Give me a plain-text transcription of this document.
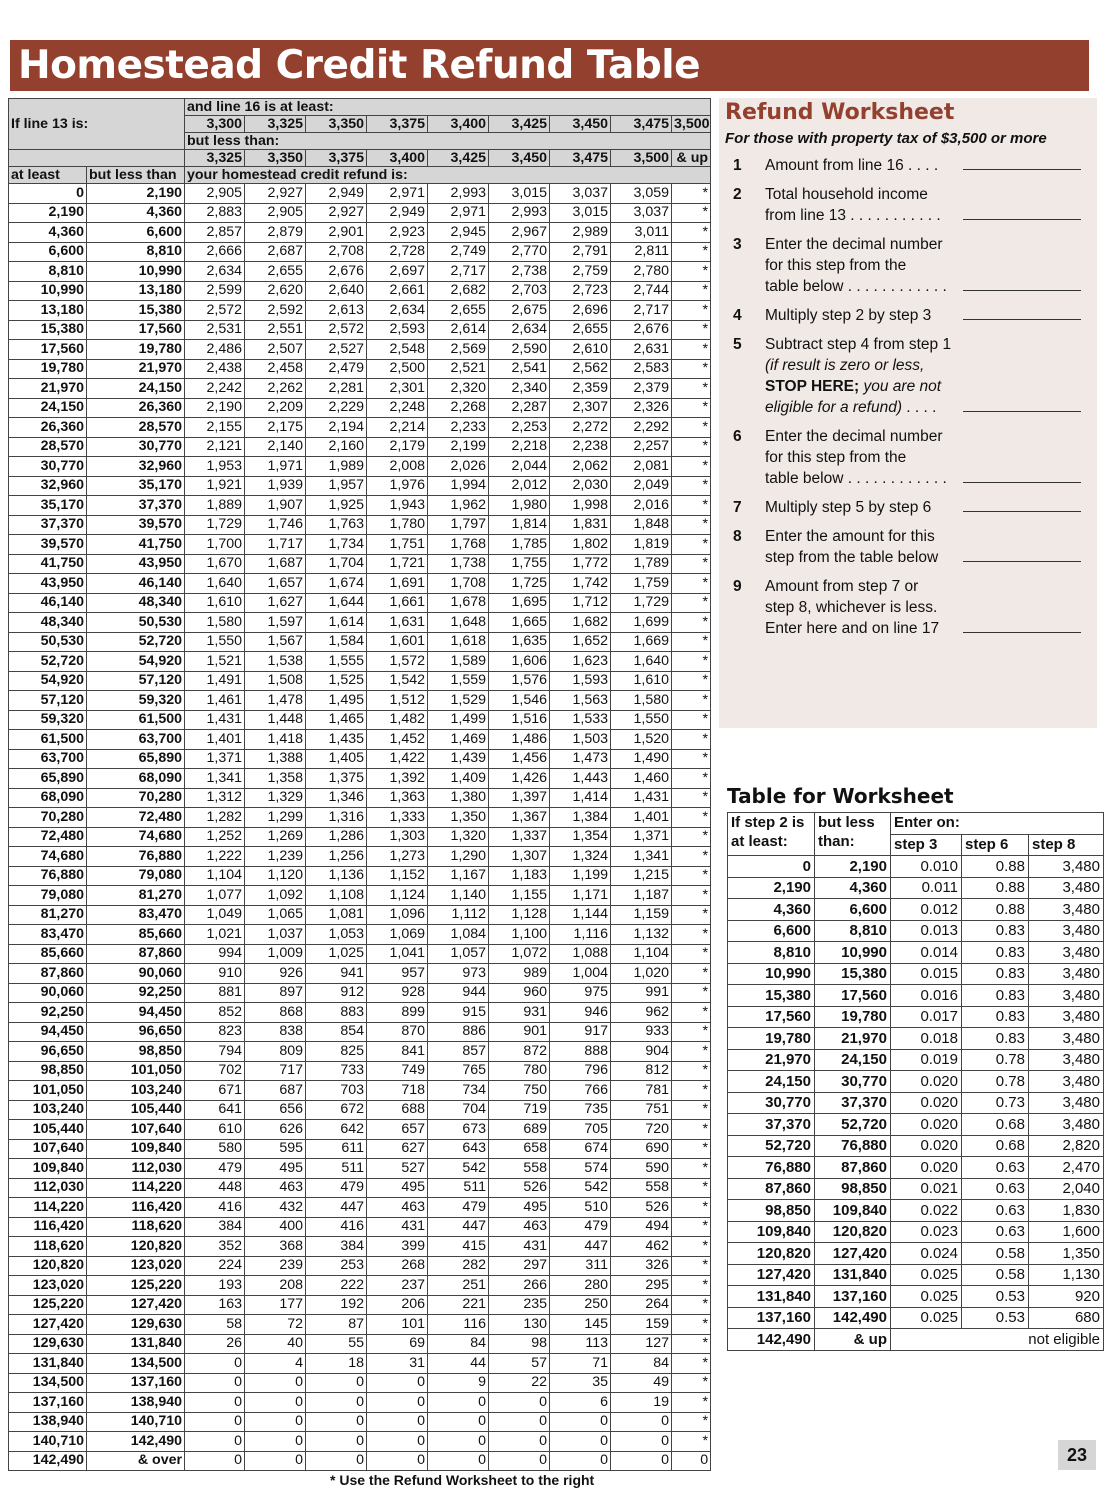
Homestead Credit Refund Table
If line 13 is:		and line 16 is at least:								
		3,300	3,325	3,350	3,375	3,400	3,425	3,450	3,475	3,500
		but less than:								
		3,325	3,350	3,375	3,400	3,425	3,450	3,475	3,500	& up
at least	but less than	your homestead credit refund is:								
0	2,190	2,905	2,927	2,949	2,971	2,993	3,015	3,037	3,059	*
2,190	4,360	2,883	2,905	2,927	2,949	2,971	2,993	3,015	3,037	*
4,360	6,600	2,857	2,879	2,901	2,923	2,945	2,967	2,989	3,011	*
6,600	8,810	2,666	2,687	2,708	2,728	2,749	2,770	2,791	2,811	*
8,810	10,990	2,634	2,655	2,676	2,697	2,717	2,738	2,759	2,780	*
10,990	13,180	2,599	2,620	2,640	2,661	2,682	2,703	2,723	2,744	*
13,180	15,380	2,572	2,592	2,613	2,634	2,655	2,675	2,696	2,717	*
15,380	17,560	2,531	2,551	2,572	2,593	2,614	2,634	2,655	2,676	*
17,560	19,780	2,486	2,507	2,527	2,548	2,569	2,590	2,610	2,631	*
19,780	21,970	2,438	2,458	2,479	2,500	2,521	2,541	2,562	2,583	*
21,970	24,150	2,242	2,262	2,281	2,301	2,320	2,340	2,359	2,379	*
24,150	26,360	2,190	2,209	2,229	2,248	2,268	2,287	2,307	2,326	*
26,360	28,570	2,155	2,175	2,194	2,214	2,233	2,253	2,272	2,292	*
28,570	30,770	2,121	2,140	2,160	2,179	2,199	2,218	2,238	2,257	*
30,770	32,960	1,953	1,971	1,989	2,008	2,026	2,044	2,062	2,081	*
32,960	35,170	1,921	1,939	1,957	1,976	1,994	2,012	2,030	2,049	*
35,170	37,370	1,889	1,907	1,925	1,943	1,962	1,980	1,998	2,016	*
37,370	39,570	1,729	1,746	1,763	1,780	1,797	1,814	1,831	1,848	*
39,570	41,750	1,700	1,717	1,734	1,751	1,768	1,785	1,802	1,819	*
41,750	43,950	1,670	1,687	1,704	1,721	1,738	1,755	1,772	1,789	*
43,950	46,140	1,640	1,657	1,674	1,691	1,708	1,725	1,742	1,759	*
46,140	48,340	1,610	1,627	1,644	1,661	1,678	1,695	1,712	1,729	*
48,340	50,530	1,580	1,597	1,614	1,631	1,648	1,665	1,682	1,699	*
50,530	52,720	1,550	1,567	1,584	1,601	1,618	1,635	1,652	1,669	*
52,720	54,920	1,521	1,538	1,555	1,572	1,589	1,606	1,623	1,640	*
54,920	57,120	1,491	1,508	1,525	1,542	1,559	1,576	1,593	1,610	*
57,120	59,320	1,461	1,478	1,495	1,512	1,529	1,546	1,563	1,580	*
59,320	61,500	1,431	1,448	1,465	1,482	1,499	1,516	1,533	1,550	*
61,500	63,700	1,401	1,418	1,435	1,452	1,469	1,486	1,503	1,520	*
63,700	65,890	1,371	1,388	1,405	1,422	1,439	1,456	1,473	1,490	*
65,890	68,090	1,341	1,358	1,375	1,392	1,409	1,426	1,443	1,460	*
68,090	70,280	1,312	1,329	1,346	1,363	1,380	1,397	1,414	1,431	*
70,280	72,480	1,282	1,299	1,316	1,333	1,350	1,367	1,384	1,401	*
72,480	74,680	1,252	1,269	1,286	1,303	1,320	1,337	1,354	1,371	*
74,680	76,880	1,222	1,239	1,256	1,273	1,290	1,307	1,324	1,341	*
76,880	79,080	1,104	1,120	1,136	1,152	1,167	1,183	1,199	1,215	*
79,080	81,270	1,077	1,092	1,108	1,124	1,140	1,155	1,171	1,187	*
81,270	83,470	1,049	1,065	1,081	1,096	1,112	1,128	1,144	1,159	*
83,470	85,660	1,021	1,037	1,053	1,069	1,084	1,100	1,116	1,132	*
85,660	87,860	994	1,009	1,025	1,041	1,057	1,072	1,088	1,104	*
87,860	90,060	910	926	941	957	973	989	1,004	1,020	*
90,060	92,250	881	897	912	928	944	960	975	991	*
92,250	94,450	852	868	883	899	915	931	946	962	*
94,450	96,650	823	838	854	870	886	901	917	933	*
96,650	98,850	794	809	825	841	857	872	888	904	*
98,850	101,050	702	717	733	749	765	780	796	812	*
101,050	103,240	671	687	703	718	734	750	766	781	*
103,240	105,440	641	656	672	688	704	719	735	751	*
105,440	107,640	610	626	642	657	673	689	705	720	*
107,640	109,840	580	595	611	627	643	658	674	690	*
109,840	112,030	479	495	511	527	542	558	574	590	*
112,030	114,220	448	463	479	495	511	526	542	558	*
114,220	116,420	416	432	447	463	479	495	510	526	*
116,420	118,620	384	400	416	431	447	463	479	494	*
118,620	120,820	352	368	384	399	415	431	447	462	*
120,820	123,020	224	239	253	268	282	297	311	326	*
123,020	125,220	193	208	222	237	251	266	280	295	*
125,220	127,420	163	177	192	206	221	235	250	264	*
127,420	129,630	58	72	87	101	116	130	145	159	*
129,630	131,840	26	40	55	69	84	98	113	127	*
131,840	134,500	0	4	18	31	44	57	71	84	*
134,500	137,160	0	0	0	0	9	22	35	49	*
137,160	138,940	0	0	0	0	0	0	6	19	*
138,940	140,710	0	0	0	0	0	0	0	0	*
140,710	142,490	0	0	0	0	0	0	0	0	*
142,490	& over	0	0	0	0	0	0	0	0	0
Refund Worksheet
For those with property tax of $3,500 or more
1 Amount from line 16 . . . .
2 Total household income
from line 13 . . . . . . . . . . .
3 Enter the decimal number
for this step from the
table below . . . . . . . . . . . .
4 Multiply step 2 by step 3
5 Subtract step 4 from step 1
(if result is zero or less,
STOP HERE; you are not
eligible for a refund) . . . .
6 Enter the decimal number
for this step from the
table below . . . . . . . . . . . .
7 Multiply step 5 by step 6
8 Enter the amount for this
step from the table below
9 Amount from step 7 or
step 8, whichever is less.
Enter here and on line 17
Table for Worksheet
If step 2 is at least:	but less than:	Enter on:		
		step 3	step 6	step 8
0	2,190	0.010	0.88	3,480
2,190	4,360	0.011	0.88	3,480
4,360	6,600	0.012	0.88	3,480
6,600	8,810	0.013	0.83	3,480
8,810	10,990	0.014	0.83	3,480
10,990	15,380	0.015	0.83	3,480
15,380	17,560	0.016	0.83	3,480
17,560	19,780	0.017	0.83	3,480
19,780	21,970	0.018	0.83	3,480
21,970	24,150	0.019	0.78	3,480
24,150	30,770	0.020	0.78	3,480
30,770	37,370	0.020	0.73	3,480
37,370	52,720	0.020	0.68	3,480
52,720	76,880	0.020	0.68	2,820
76,880	87,860	0.020	0.63	2,470
87,860	98,850	0.021	0.63	2,040
98,850	109,840	0.022	0.63	1,830
109,840	120,820	0.023	0.63	1,600
120,820	127,420	0.024	0.58	1,350
127,420	131,840	0.025	0.58	1,130
131,840	137,160	0.025	0.53	920
137,160	142,490	0.025	0.53	680
142,490	& up	not eligible		
* Use the Refund Worksheet to the right
23
